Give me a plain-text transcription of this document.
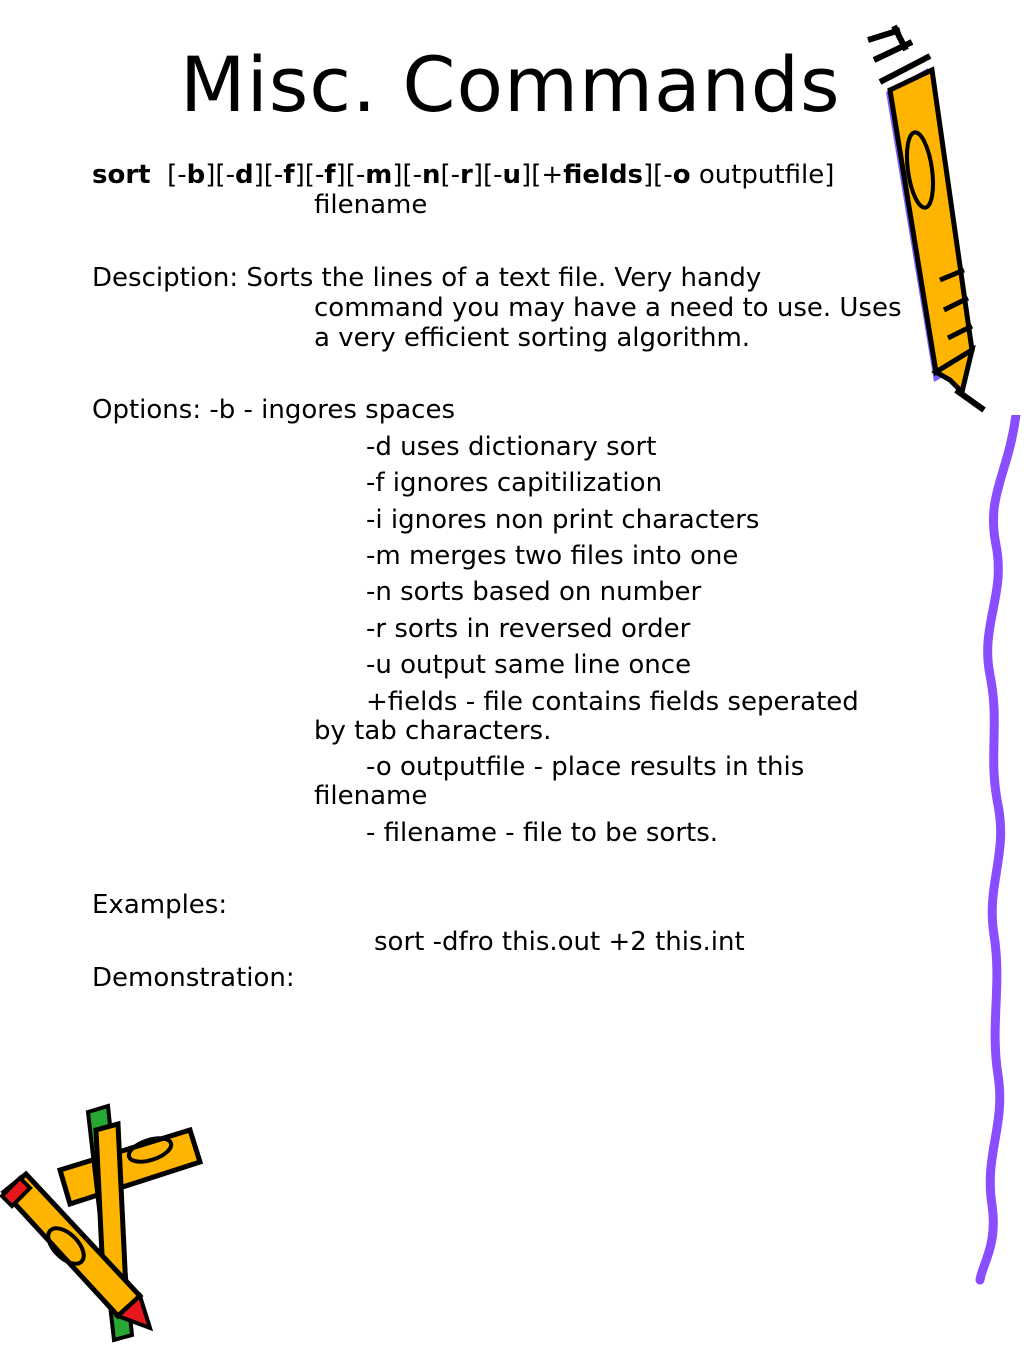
Misc. Commands
sort [-b][-d][-f][-f][-m][-n[-r][-u][+fields][-o outputfile]
filename
Desciption: Sorts the lines of a text file. Very handy
command you may have a need to use. Uses
a very efficient sorting algorithm.
Options: -b - ingores spaces
-d uses dictionary sort
-f ignores capitilization
-i ignores non print characters
-m merges two files into one
-n sorts based on number
-r sorts in reversed order
-u output same line once
+fields - file contains fields seperated
by tab characters.
-o outputfile - place results in this
filename
- filename - file to be sorts.
Examples:
sort -dfro this.out +2 this.int
Demonstration:
